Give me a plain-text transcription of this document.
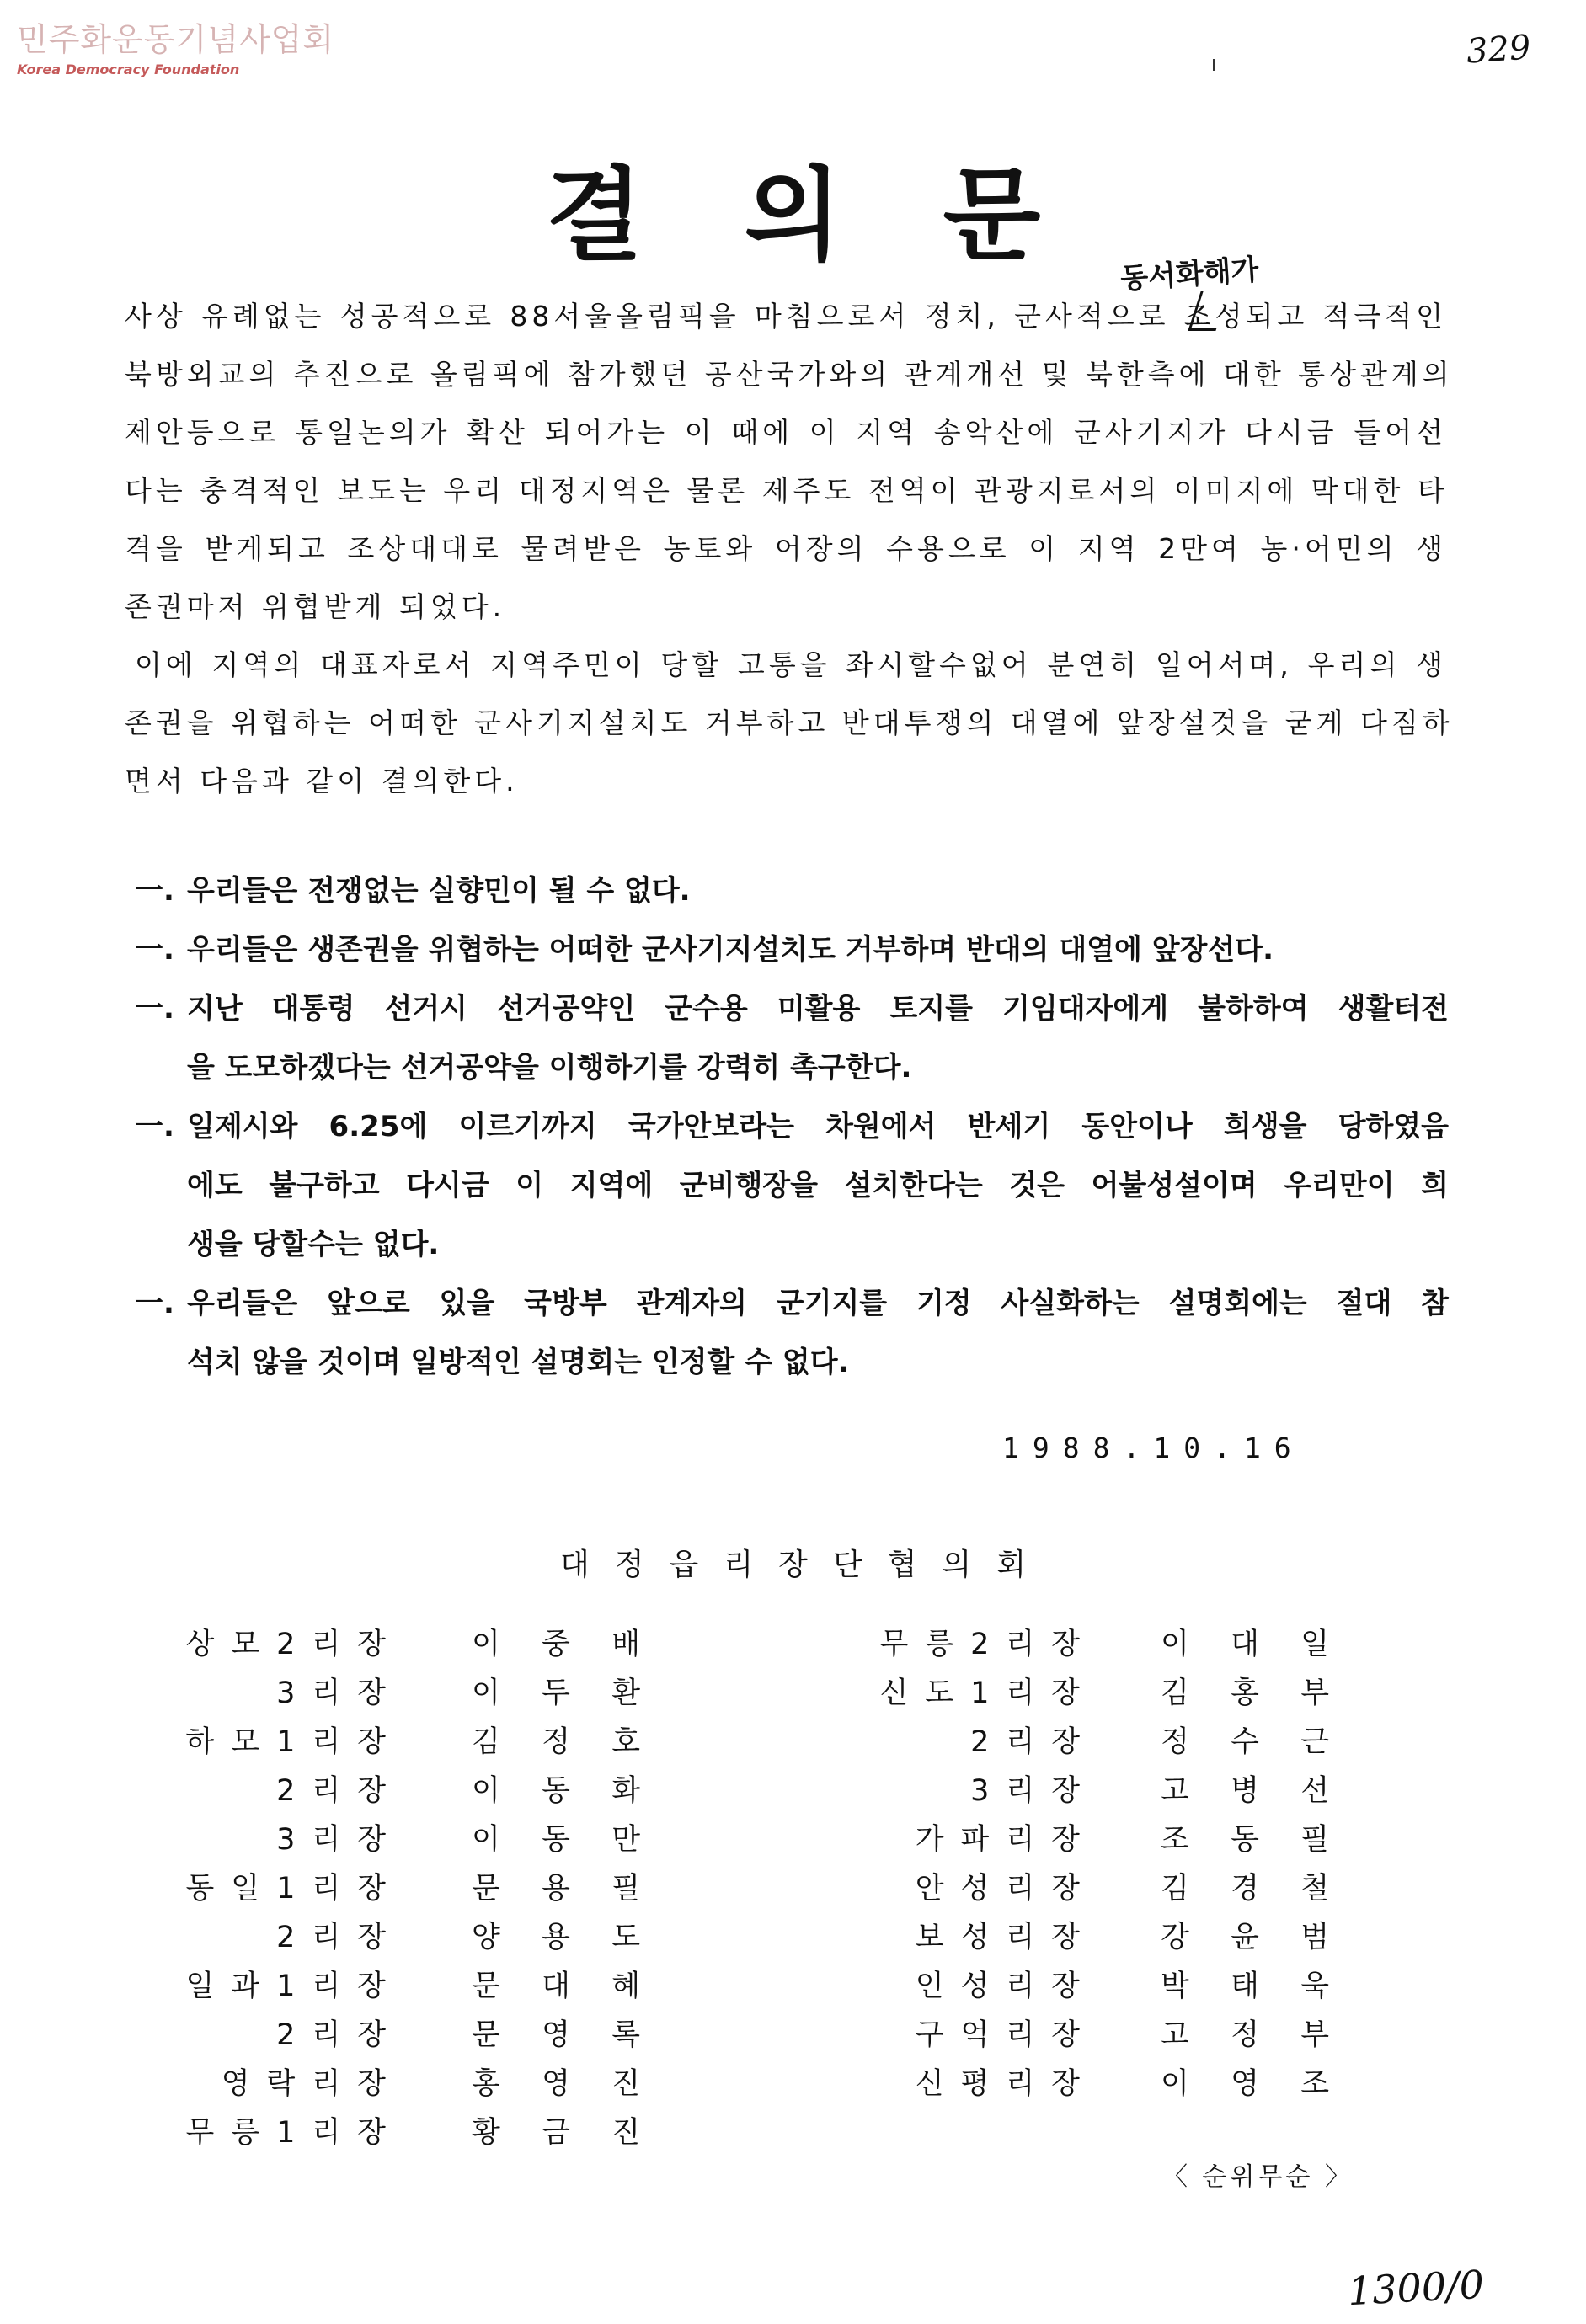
민주화운동기념사업회
Korea Democracy Foundation	329
결의문
동서화해가
사상 유례없는 성공적으로 88서울올림픽을 마침으로서 정치, 군사적으로 조성되고 적극적인
북방외교의 추진으로 올림픽에 참가했던 공산국가와의 관계개선 및 북한측에 대한 통상관계의
제안등으로 통일논의가 확산 되어가는 이 때에 이 지역 송악산에 군사기지가 다시금 들어선
다는 충격적인 보도는 우리 대정지역은 물론 제주도 전역이 관광지로서의 이미지에 막대한 타
격을 받게되고 조상대대로 물려받은 농토와 어장의 수용으로 이 지역 2만여 농·어민의 생
존권마저 위협받게 되었다.
이에 지역의 대표자로서 지역주민이 당할 고통을 좌시할수없어 분연히 일어서며, 우리의 생
존권을 위협하는 어떠한 군사기지설치도 거부하고 반대투쟁의 대열에 앞장설것을 굳게 다짐하
면서 다음과 같이 결의한다.
一. 우리들은 전쟁없는 실향민이 될 수 없다.
一. 우리들은 생존권을 위협하는 어떠한 군사기지설치도 거부하며 반대의 대열에 앞장선다.
一. 지난 대통령 선거시 선거공약인 군수용 미활용 토지를 기임대자에게 불하하여 생활터전
을 도모하겠다는 선거공약을 이행하기를 강력히 촉구한다.
一. 일제시와 6.25에 이르기까지 국가안보라는 차원에서 반세기 동안이나 희생을 당하였음
에도 불구하고 다시금 이 지역에 군비행장을 설치한다는 것은 어불성설이며 우리만이 희
생을 당할수는 없다.
一. 우리들은 앞으로 있을 국방부 관계자의 군기지를 기정 사실화하는 설명회에는 절대 참
석치 않을 것이며 일방적인 설명회는 인정할 수 없다.
1988.10.16
대정읍리장단협의회
상모2리장 이 중 배
3리장 이 두 환
하모1리장 김 정 호
2리장 이 동 화
3리장 이 동 만
동일1리장 문 용 필
2리장 양 용 도
일과1리장 문 대 혜
2리장 문 영 록
영락리장 홍 영 진
무릉1리장 황 금 진
무릉2리장 이 대 일
신도1리장 김 홍 부
2리장 정 수 근
3리장 고 병 선
가파리장 조 동 필
안성리장 김 경 철
보성리장 강 윤 범
인성리장 박 태 욱
구억리장 고 정 부
신평리장 이 영 조
〈 순위무순 〉
1300/0
